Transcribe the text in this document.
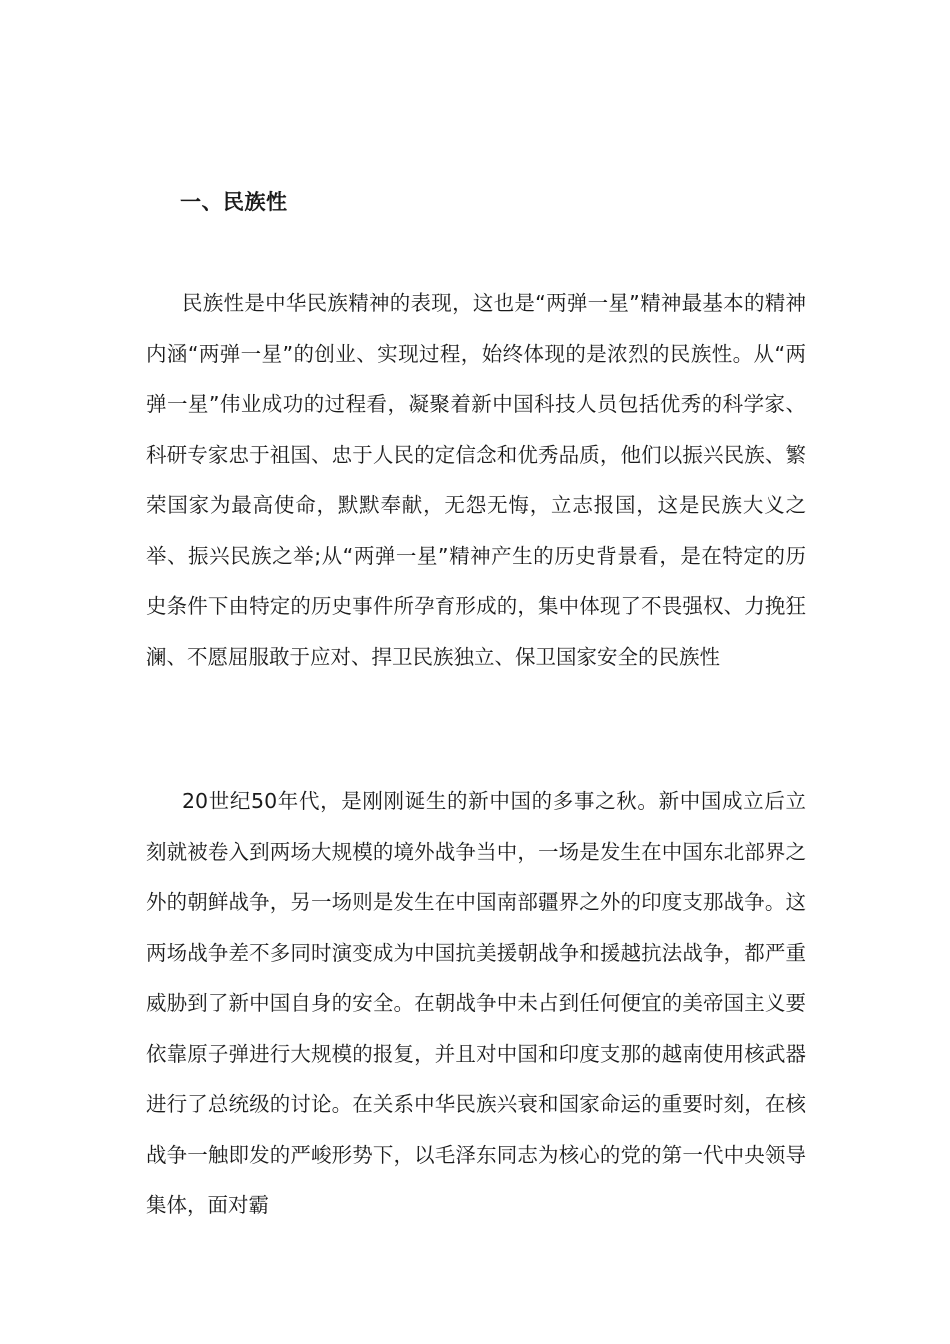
一、民族性

民族性是中华民族精神的表现，这也是“两弹一星”精神最基本的精神内涵“两弹一星”的创业、实现过程，始终体现的是浓烈的民族性。从“两弹一星”伟业成功的过程看，凝聚着新中国科技人员包括优秀的科学家、科研专家忠于祖国、忠于人民的定信念和优秀品质，他们以振兴民族、繁荣国家为最高使命，默默奉献，无怨无悔，立志报国，这是民族大义之举、振兴民族之举;从“两弹一星”精神产生的历史背景看，是在特定的历史条件下由特定的历史事件所孕育形成的，集中体现了不畏强权、力挽狂澜、不愿屈服敢于应对、捍卫民族独立、保卫国家安全的民族性

20世纪50年代，是刚刚诞生的新中国的多事之秋。新中国成立后立刻就被卷入到两场大规模的境外战争当中，一场是发生在中国东北部界之外的朝鲜战争，另一场则是发生在中国南部疆界之外的印度支那战争。这两场战争差不多同时演变成为中国抗美援朝战争和援越抗法战争，都严重威胁到了新中国自身的安全。在朝战争中未占到任何便宜的美帝国主义要依靠原子弹进行大规模的报复，并且对中国和印度支那的越南使用核武器进行了总统级的讨论。在关系中华民族兴衰和国家命运的重要时刻，在核战争一触即发的严峻形势下，以毛泽东同志为核心的党的第一代中央领导集体，面对霸
